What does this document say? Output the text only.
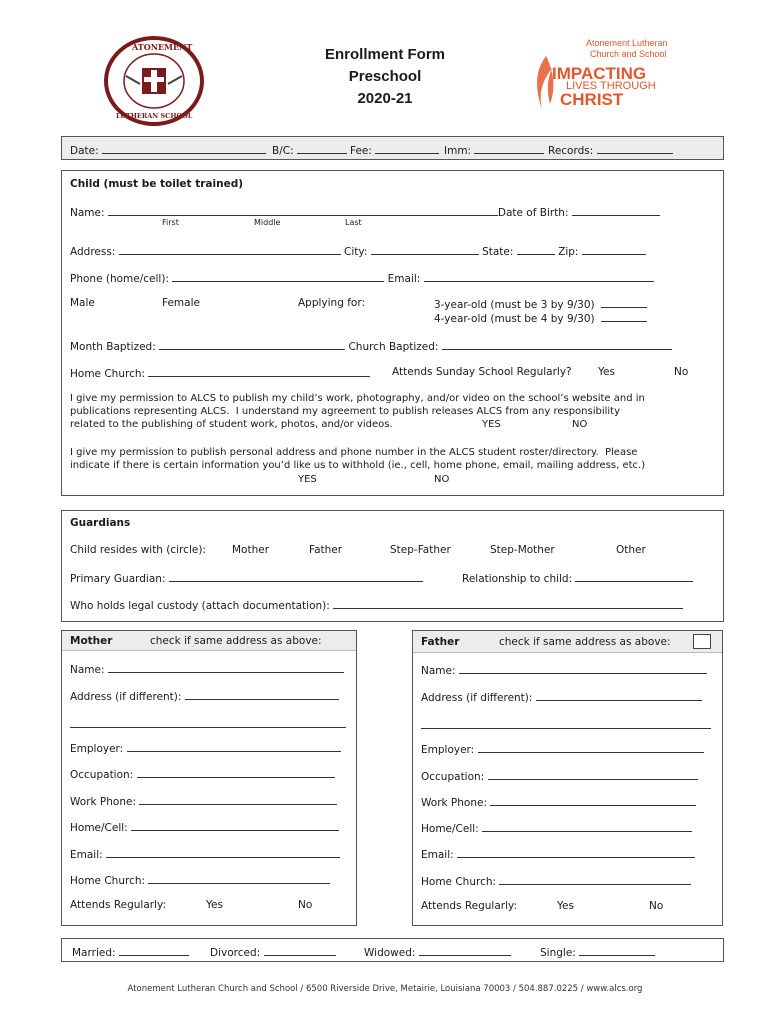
ATONEMENT
LUTHERAN SCHOOL
Enrollment Form
Preschool
2020-21
Atonement Lutheran
Church and School
IMPACTING
LIVES THROUGH
CHRIST
Date:	B/C:	Fee:	Imm:	Records:
Child (must be toilet trained)
Name:	Date of Birth:
First	Middle	Last
Address:	City:	State:	Zip:
Phone (home/cell):	Email:
Male	Female	Applying for:	3-year-old (must be 3 by 9/30)
4-year-old (must be 4 by 9/30)
Month Baptized:	Church Baptized:
Home Church:	Attends Sunday School Regularly?	Yes	No
I give my permission to ALCS to publish my child’s work, photography, and/or video on the school’s website and in
publications representing ALCS.  I understand my agreement to publish releases ALCS from any responsibility
related to the publishing of student work, photos, and/or videos.	YES	NO
I give my permission to publish personal address and phone number in the ALCS student roster/directory.  Please
indicate if there is certain information you’d like us to withhold (ie., cell, home phone, email, mailing address, etc.)
YES	NO
Guardians
Child resides with (circle): Mother	Father	Step-Father	Step-Mother	Other
Primary Guardian:	Relationship to child:
Who holds legal custody (attach documentation):
Mother	check if same address as above:
Name:
Address (if different):
Employer:
Occupation:
Work Phone:
Home/Cell:
Email:
Home Church:
Attends Regularly:	Yes	No
Father	check if same address as above:
Name:
Address (if different):
Employer:
Occupation:
Work Phone:
Home/Cell:
Email:
Home Church:
Attends Regularly:	Yes	No
Married:	Divorced:	Widowed:	Single:
Atonement Lutheran Church and School / 6500 Riverside Drive, Metairie, Louisiana 70003 / 504.887.0225 / www.alcs.org
